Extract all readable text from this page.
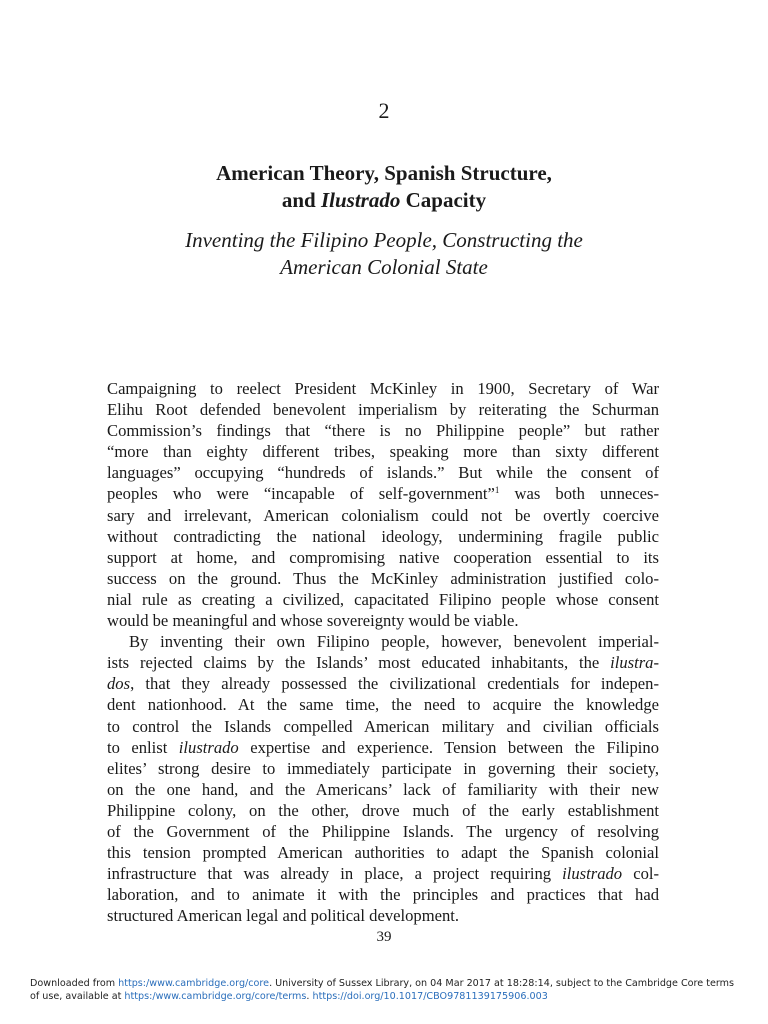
2
American Theory, Spanish Structure,
and Ilustrado Capacity
Inventing the Filipino People, Constructing the
American Colonial State
Campaigning to reelect President McKinley in 1900, Secretary of War
Elihu Root defended benevolent imperialism by reiterating the Schurman
Commission’s findings that “there is no Philippine people” but rather
“more than eighty different tribes, speaking more than sixty different
languages” occupying “hundreds of islands.” But while the consent of
peoples who were “incapable of self-government”$^1$ was both unneces-
sary and irrelevant, American colonialism could not be overtly coercive
without contradicting the national ideology, undermining fragile public
support at home, and compromising native cooperation essential to its
success on the ground. Thus the McKinley administration justified colo-
nial rule as creating a civilized, capacitated Filipino people whose consent
would be meaningful and whose sovereignty would be viable.
By inventing their own Filipino people, however, benevolent imperial-
ists rejected claims by the Islands’ most educated inhabitants, the ilustra-
dos, that they already possessed the civilizational credentials for indepen-
dent nationhood. At the same time, the need to acquire the knowledge
to control the Islands compelled American military and civilian officials
to enlist ilustrado expertise and experience. Tension between the Filipino
elites’ strong desire to immediately participate in governing their society,
on the one hand, and the Americans’ lack of familiarity with their new
Philippine colony, on the other, drove much of the early establishment
of the Government of the Philippine Islands. The urgency of resolving
this tension prompted American authorities to adapt the Spanish colonial
infrastructure that was already in place, a project requiring ilustrado col-
laboration, and to animate it with the principles and practices that had
structured American legal and political development.
39
Downloaded from https:/www.cambridge.org/core. University of Sussex Library, on 04 Mar 2017 at 18:28:14, subject to the Cambridge Core terms
of use, available at https:/www.cambridge.org/core/terms. https://doi.org/10.1017/CBO9781139175906.003
